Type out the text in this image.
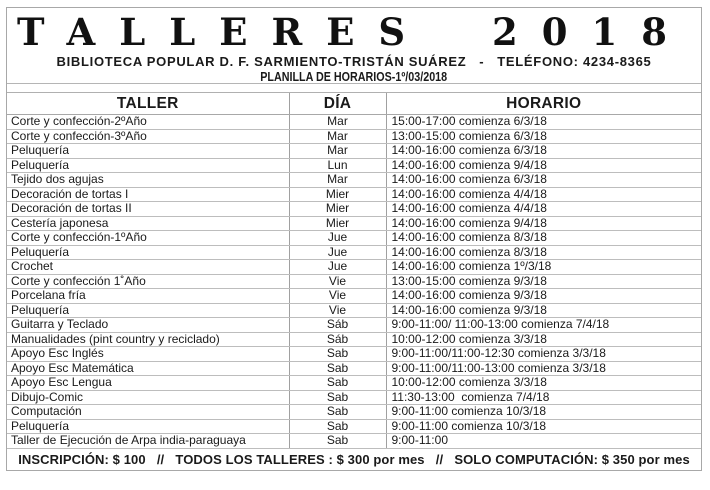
TALLERES 2018
BIBLIOTECA POPULAR D. F. SARMIENTO-TRISTÁN SUÁREZ   -   TELÉFONO: 4234-8365
PLANILLA DE HORARIOS-1º/03/2018
TALLER	DÍA	HORARIO
Corte y confección-2ºAño	Mar	15:00-17:00 comienza 6/3/18
Corte y confección-3ºAño	Mar	13:00-15:00 comienza 6/3/18
Peluquería	Mar	14:00-16:00 comienza 6/3/18
Peluquería	Lun	14:00-16:00 comienza 9/4/18
Tejido dos agujas	Mar	14:00-16:00 comienza 6/3/18
Decoración de tortas I	Mier	14:00-16:00 comienza 4/4/18
Decoración de tortas II	Mier	14:00-16:00 comienza 4/4/18
Cestería japonesa	Mier	14:00-16:00 comienza 9/4/18
Corte y confección-1ºAño	Jue	14:00-16:00 comienza 8/3/18
Peluquería	Jue	14:00-16:00 comienza 8/3/18
Crochet	Jue	14:00-16:00 comienza 1º/3/18
Corte y confección 1˚Año	Vie	13:00-15:00 comienza 9/3/18
Porcelana fría	Vie	14:00-16:00 comienza 9/3/18
Peluquería	Vie	14:00-16:00 comienza 9/3/18
Guitarra y Teclado	Sáb	9:00-11:00/ 11:00-13:00 comienza 7/4/18
Manualidades (pint country y reciclado)	Sáb	10:00-12:00 comienza 3/3/18
Apoyo Esc Inglés	Sab	9:00-11:00/11:00-12:30 comienza 3/3/18
Apoyo Esc Matemática	Sab	9:00-11:00/11:00-13:00 comienza 3/3/18
Apoyo Esc Lengua	Sab	10:00-12:00 comienza 3/3/18
Dibujo-Comic	Sab	11:30-13:00  comienza 7/4/18
Computación	Sab	9:00-11:00 comienza 10/3/18
Peluquería	Sab	9:00-11:00 comienza 10/3/18
Taller de Ejecución de Arpa india-paraguaya	Sab	9:00-11:00
INSCRIPCIÓN: $ 100   //   TODOS LOS TALLERES : $ 300 por mes   //   SOLO COMPUTACIÓN: $ 350 por mes
